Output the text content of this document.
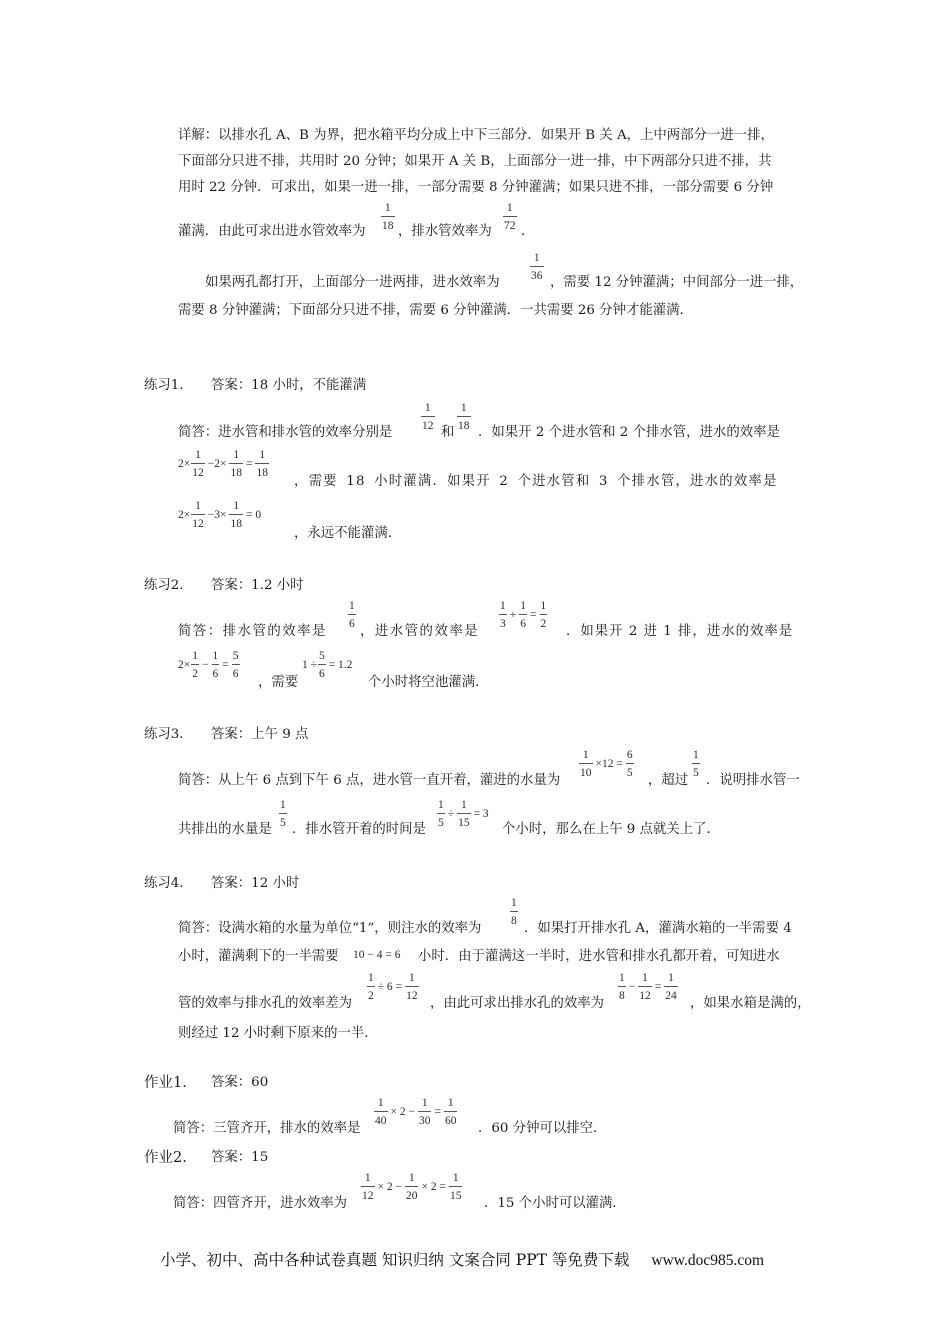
详解：以排水孔 A、B 为界，把水箱平均分成上中下三部分．如果开 B 关 A，上中两部分一进一排，
下面部分只进不排，共用时 20 分钟；如果开 A 关 B，上面部分一进一排，中下两部分只进不排，共
用时 22 分钟．可求出，如果一进一排，一部分需要 8 分钟灌满；如果只进不排，一部分需要 6 分钟
灌满．由此可求出进水管效率为
1
18 ，排水管效率为
1
72 ．
如果两孔都打开，上面部分一进两排，进水效率为
1
36 ，需要 12 分钟灌满；中间部分一进一排，
需要 8 分钟灌满；下面部分只进不排，需要 6 分钟灌满．一共需要 26 分钟才能灌满．
练习1. 答案：18 小时，不能灌满
简答：进水管和排水管的效率分别是
1
12 和
1
18 ．如果开 2 个进水管和 2 个排水管，进水的效率是
2×
1
12
−2×
1
18
=
1
18
，需要 18 小时灌满．如果开 2 个进水管和 3 个排水管，进水的效率是
2×
1
12
−3×
1
18
= 0
，永远不能灌满．
练习2. 答案：1.2 小时
简答：排水管的效率是
1
6 ，进水管的效率是
1
3
+
1
6
=
1
2 ．如果开 2 进 1 排，进水的效率是
2×
1
2
−
1
6
=
5
6
，需要
1 ÷
5
6
= 1.2
个小时将空池灌满．
练习3. 答案：上午 9 点
简答：从上午 6 点到下午 6 点，进水管一直开着，灌进的水量为
1
10
×12 =
6
5 ，超过
1
5 ．说明排水管一
共排出的水量是
1
5 ．排水管开着的时间是
1
5
÷
1
15
= 3
个小时，那么在上午 9 点就关上了．
练习4. 答案：12 小时
简答：设满水箱的水量为单位“1”，则注水的效率为
1
8 ．如果打开排水孔 A，灌满水箱的一半需要 4
小时，灌满剩下的一半需要 10 − 4 = 6 小时．由于灌满这一半时，进水管和排水孔都开着，可知进水
管的效率与排水孔的效率差为
1
2
÷ 6 =
1
12 ，由此可求出排水孔的效率为
1
8
−
1
12
=
1
24 ，如果水箱是满的，
则经过 12 小时剩下原来的一半．
作业1. 答案：60
简答：三管齐开，排水的效率是
1
40
× 2 −
1
30
=
1
60 ．60 分钟可以排空．
作业2. 答案：15
简答：四管齐开，进水效率为
1
12
× 2 −
1
20
× 2 =
1
15 ．15 个小时可以灌满．
小学、初中、高中各种试卷真题 知识归纳 文案合同 PPT 等免费下载 www.doc985.com
